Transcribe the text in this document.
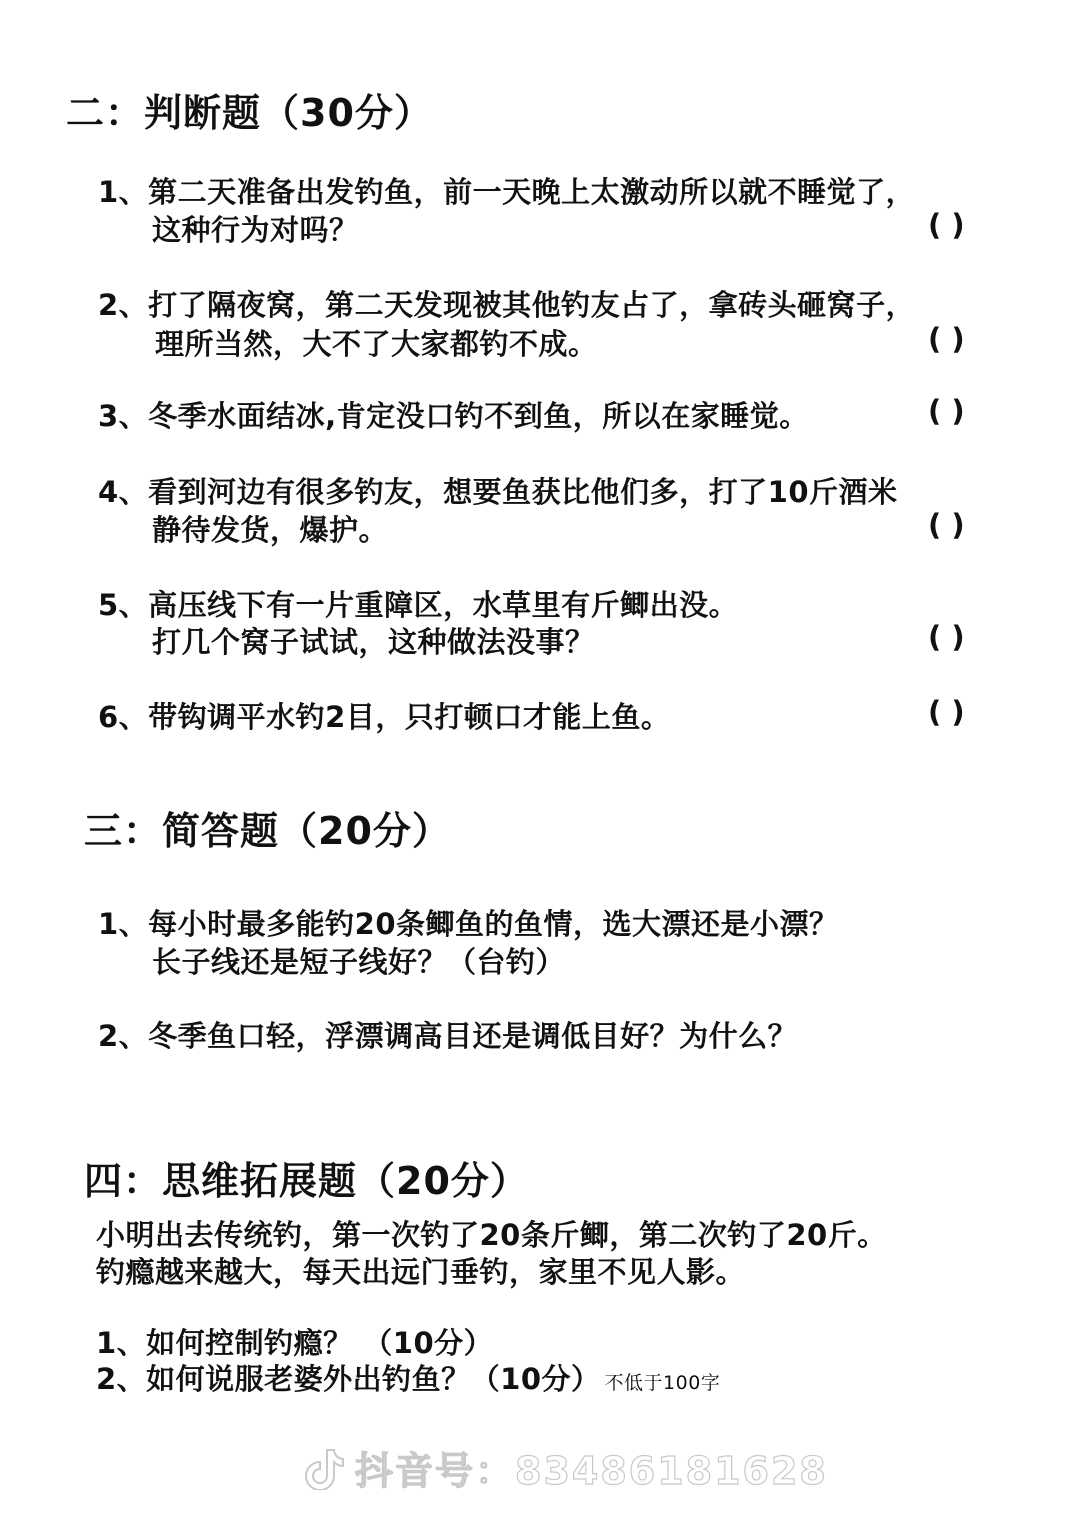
二：判断题（30分）
1、第二天准备出发钓鱼，前一天晚上太激动所以就不睡觉了，
这种行为对吗？	( )
2、打了隔夜窝，第二天发现被其他钓友占了，拿砖头砸窝子，
理所当然，大不了大家都钓不成。	( )
3、冬季水面结冰,肯定没口钓不到鱼，所以在家睡觉。	( )
4、看到河边有很多钓友，想要鱼获比他们多，打了10斤酒米
静待发货，爆护。	( )
5、高压线下有一片重障区，水草里有斤鲫出没。
打几个窝子试试，这种做法没事？	( )
6、带钩调平水钓2目，只打顿口才能上鱼。	( )
三：简答题（20分）
1、每小时最多能钓20条鲫鱼的鱼情，选大漂还是小漂？
长子线还是短子线好？（台钓）
2、冬季鱼口轻，浮漂调高目还是调低目好？为什么？
四：思维拓展题（20分）
小明出去传统钓，第一次钓了20条斤鲫，第二次钓了20斤。
钓瘾越来越大，每天出远门垂钓，家里不见人影。
1、如何控制钓瘾？ （10分）
2、如何说服老婆外出钓鱼？（10分） 不低于100字
抖音号：83486181628
